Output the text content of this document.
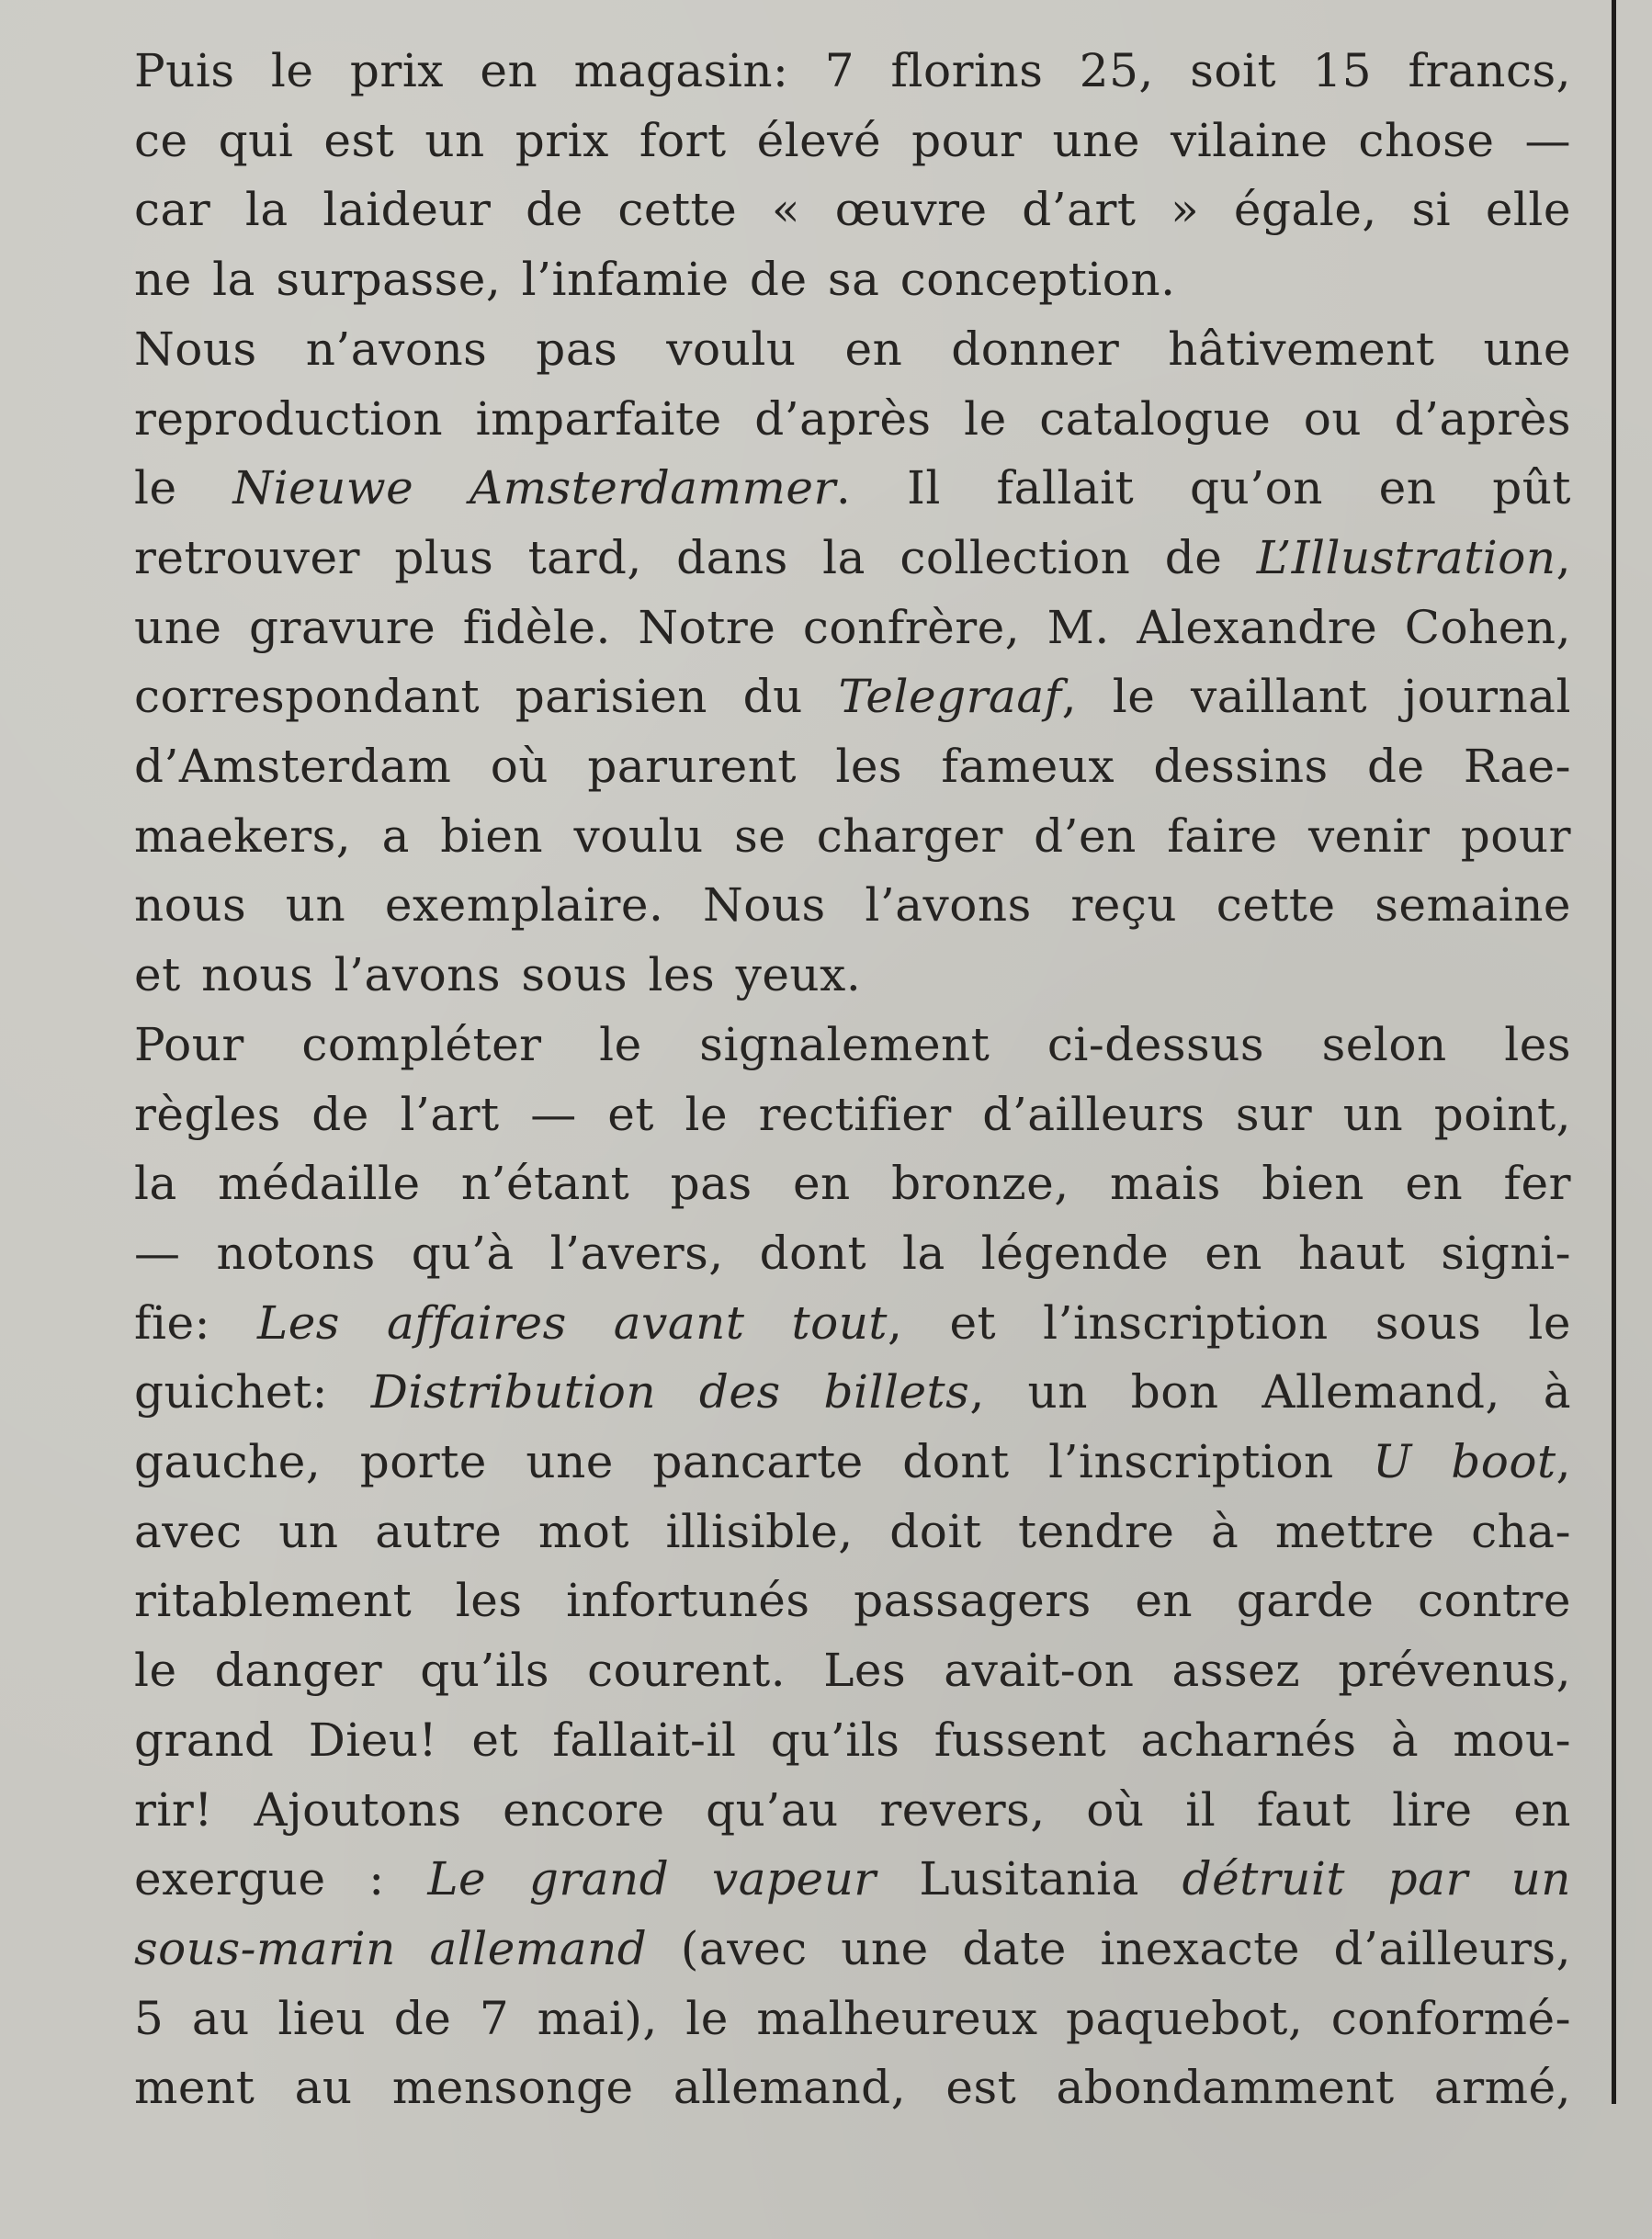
Puis le prix en magasin: 7 florins 25, soit 15 francs,
ce qui est un prix fort élevé pour une vilaine chose —
car la laideur de cette « œuvre d’art » égale, si elle
ne la surpasse, l’infamie de sa conception.

Nous n’avons pas voulu en donner hâtivement une
reproduction imparfaite d’après le catalogue ou d’après
le Nieuwe Amsterdammer. Il fallait qu’on en pût
retrouver plus tard, dans la collection de L’Illustration,
une gravure fidèle. Notre confrère, M. Alexandre Cohen,
correspondant parisien du Telegraaf, le vaillant journal
d’Amsterdam où parurent les fameux dessins de Rae-
maekers, a bien voulu se charger d’en faire venir pour
nous un exemplaire. Nous l’avons reçu cette semaine
et nous l’avons sous les yeux.

Pour compléter le signalement ci-dessus selon les
règles de l’art — et le rectifier d’ailleurs sur un point,
la médaille n’étant pas en bronze, mais bien en fer
— notons qu’à l’avers, dont la légende en haut signi-
fie: Les affaires avant tout, et l’inscription sous le
guichet: Distribution des billets, un bon Allemand, à
gauche, porte une pancarte dont l’inscription U boot,
avec un autre mot illisible, doit tendre à mettre cha-
ritablement les infortunés passagers en garde contre
le danger qu’ils courent. Les avait-on assez prévenus,
grand Dieu! et fallait-il qu’ils fussent acharnés à mou-
rir! Ajoutons encore qu’au revers, où il faut lire en
exergue : Le grand vapeur Lusitania détruit par un
sous-marin allemand (avec une date inexacte d’ailleurs,
5 au lieu de 7 mai), le malheureux paquebot, conformé-
ment au mensonge allemand, est abondamment armé,
